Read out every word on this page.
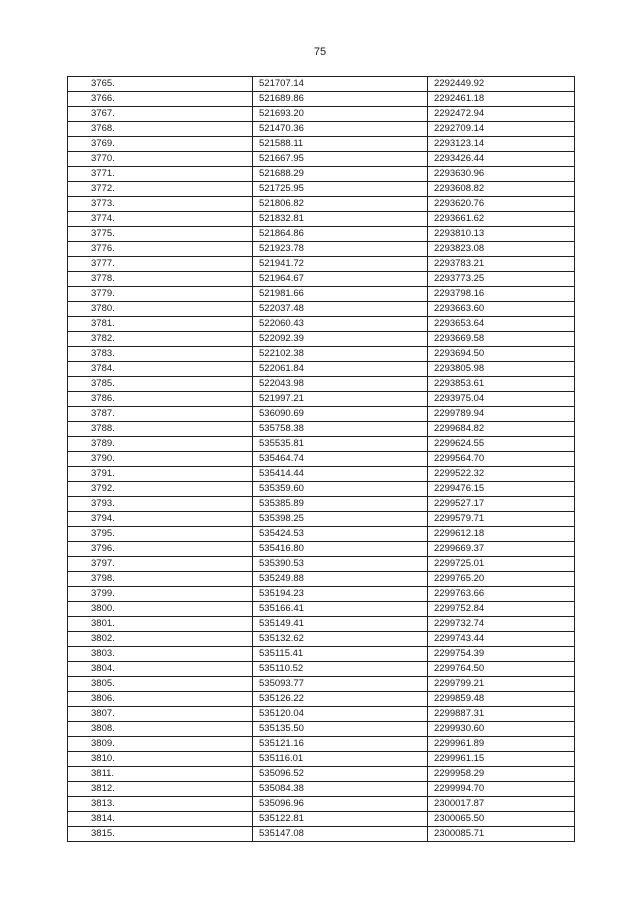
75
3765.	521707.14	2292449.92
3766.	521689.86	2292461.18
3767.	521693.20	2292472.94
3768.	521470.36	2292709.14
3769.	521588.11	2293123.14
3770.	521667.95	2293426.44
3771.	521688.29	2293630.96
3772.	521725.95	2293608.82
3773.	521806.82	2293620.76
3774.	521832.81	2293661.62
3775.	521864.86	2293810.13
3776.	521923.78	2293823.08
3777.	521941.72	2293783.21
3778.	521964.67	2293773.25
3779.	521981.66	2293798.16
3780.	522037.48	2293663.60
3781.	522060.43	2293653.64
3782.	522092.39	2293669.58
3783.	522102.38	2293694.50
3784.	522061.84	2293805.98
3785.	522043.98	2293853.61
3786.	521997.21	2293975.04
3787.	536090.69	2299789.94
3788.	535758.38	2299684.82
3789.	535535.81	2299624.55
3790.	535464.74	2299564.70
3791.	535414.44	2299522.32
3792.	535359.60	2299476.15
3793.	535385.89	2299527.17
3794.	535398.25	2299579.71
3795.	535424.53	2299612.18
3796.	535416.80	2299669.37
3797.	535390.53	2299725.01
3798.	535249.88	2299765.20
3799.	535194.23	2299763.66
3800.	535166.41	2299752.84
3801.	535149.41	2299732.74
3802.	535132.62	2299743.44
3803.	535115.41	2299754.39
3804.	535110.52	2299764.50
3805.	535093.77	2299799.21
3806.	535126.22	2299859.48
3807.	535120.04	2299887.31
3808.	535135.50	2299930.60
3809.	535121.16	2299961.89
3810.	535116.01	2299961.15
3811.	535096.52	2299958.29
3812.	535084.38	2299994.70
3813.	535096.96	2300017.87
3814.	535122.81	2300065.50
3815.	535147.08	2300085.71
